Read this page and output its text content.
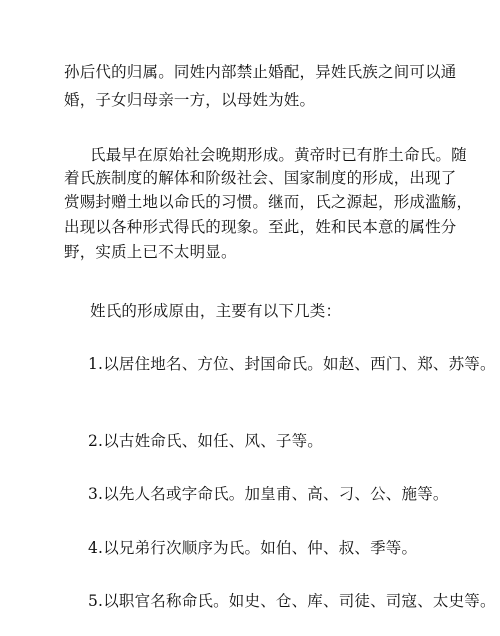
孙后代的归属。同姓内部禁止婚配，异姓氏族之间可以通
婚，子女归母亲一方，以母姓为姓。
氏最早在原始社会晚期形成。黄帝时已有胙土命氏。随
着氏族制度的解体和阶级社会、国家制度的形成，出现了
赏赐封赠土地以命氏的习惯。继而，氏之源起，形成滥觞，
出现以各种形式得氏的现象。至此，姓和民本意的属性分
野，实质上已不太明显。
姓氏的形成原由，主要有以下几类：
1.以居住地名、方位、封国命氏。如赵、西门、郑、苏等。
2.以古姓命氏、如任、风、子等。
3.以先人名或字命氏。加皇甫、高、刁、公、施等。
4.以兄弟行次顺序为氏。如伯、仲、叔、季等。
5.以职官名称命氏。如史、仓、库、司徒、司寇、太史等。
